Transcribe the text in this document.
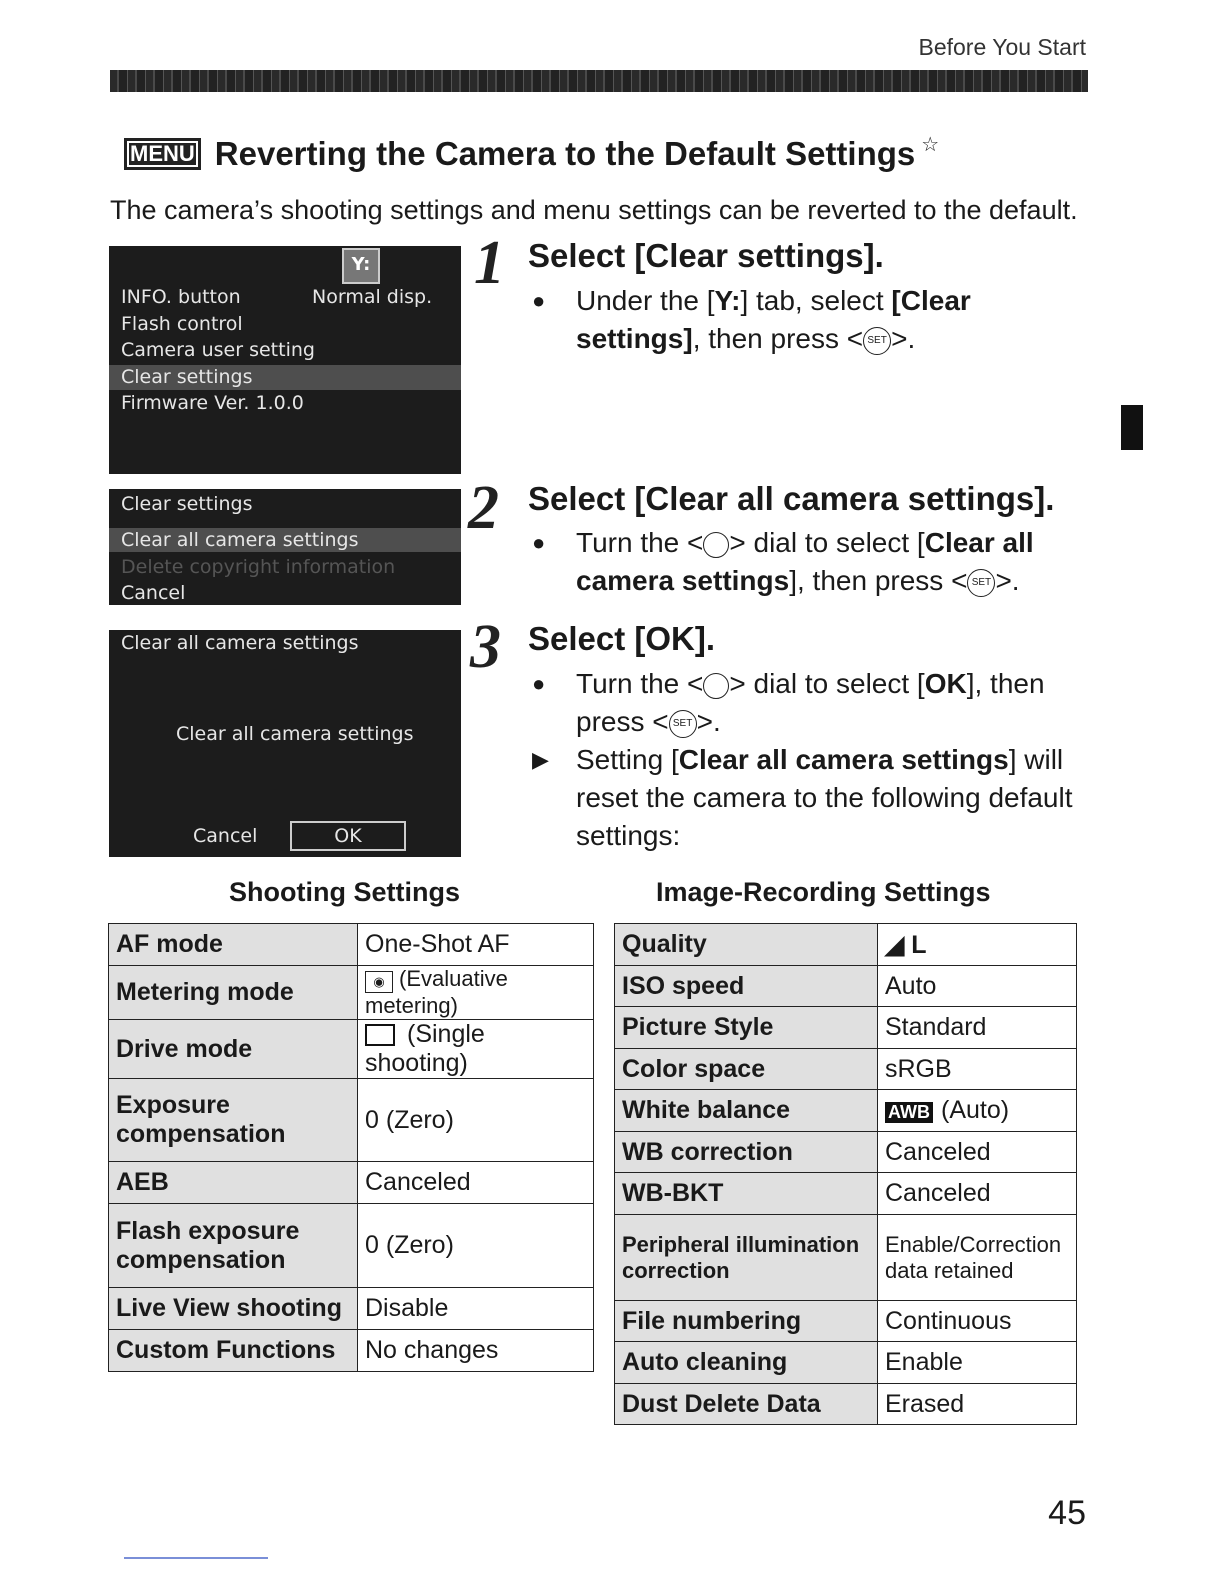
Before You Start
MENU Reverting the Camera to the Default Settings ☆
The camera’s shooting settings and menu settings can be reverted to the default.
Y:
INFO. button	Normal disp.
Flash control
Camera user setting
Clear settings
Firmware Ver. 1.0.0
Clear settings
Clear all camera settings
Delete copyright information
Cancel
Clear all camera settings
Clear all camera settings
Cancel	OK
1 Select [Clear settings].
●	Under the [Y:] tab, select [Clear settings], then press < SET >.
2 Select [Clear all camera settings].
●	Turn the < > dial to select [Clear all camera settings], then press < SET >.
3 Select [OK].
●	Turn the < > dial to select [OK], then press < SET >.
▶ Setting [Clear all camera settings] will reset the camera to the following default settings:
Shooting Settings	Image-Recording Settings
AF mode	One-Shot AF
Metering mode	◉ (Evaluative metering)
Drive mode	(Single shooting)
Exposure compensation	0 (Zero)
AEB	Canceled
Flash exposure compensation	0 (Zero)
Live View shooting	Disable
Custom Functions	No changes
Quality	◢ L
ISO speed	Auto
Picture Style	Standard
Color space	sRGB
White balance	AWB (Auto)
WB correction	Canceled
WB-BKT	Canceled
Peripheral illumination correction	Enable/Correction data retained
File numbering	Continuous
Auto cleaning	Enable
Dust Delete Data	Erased
45
